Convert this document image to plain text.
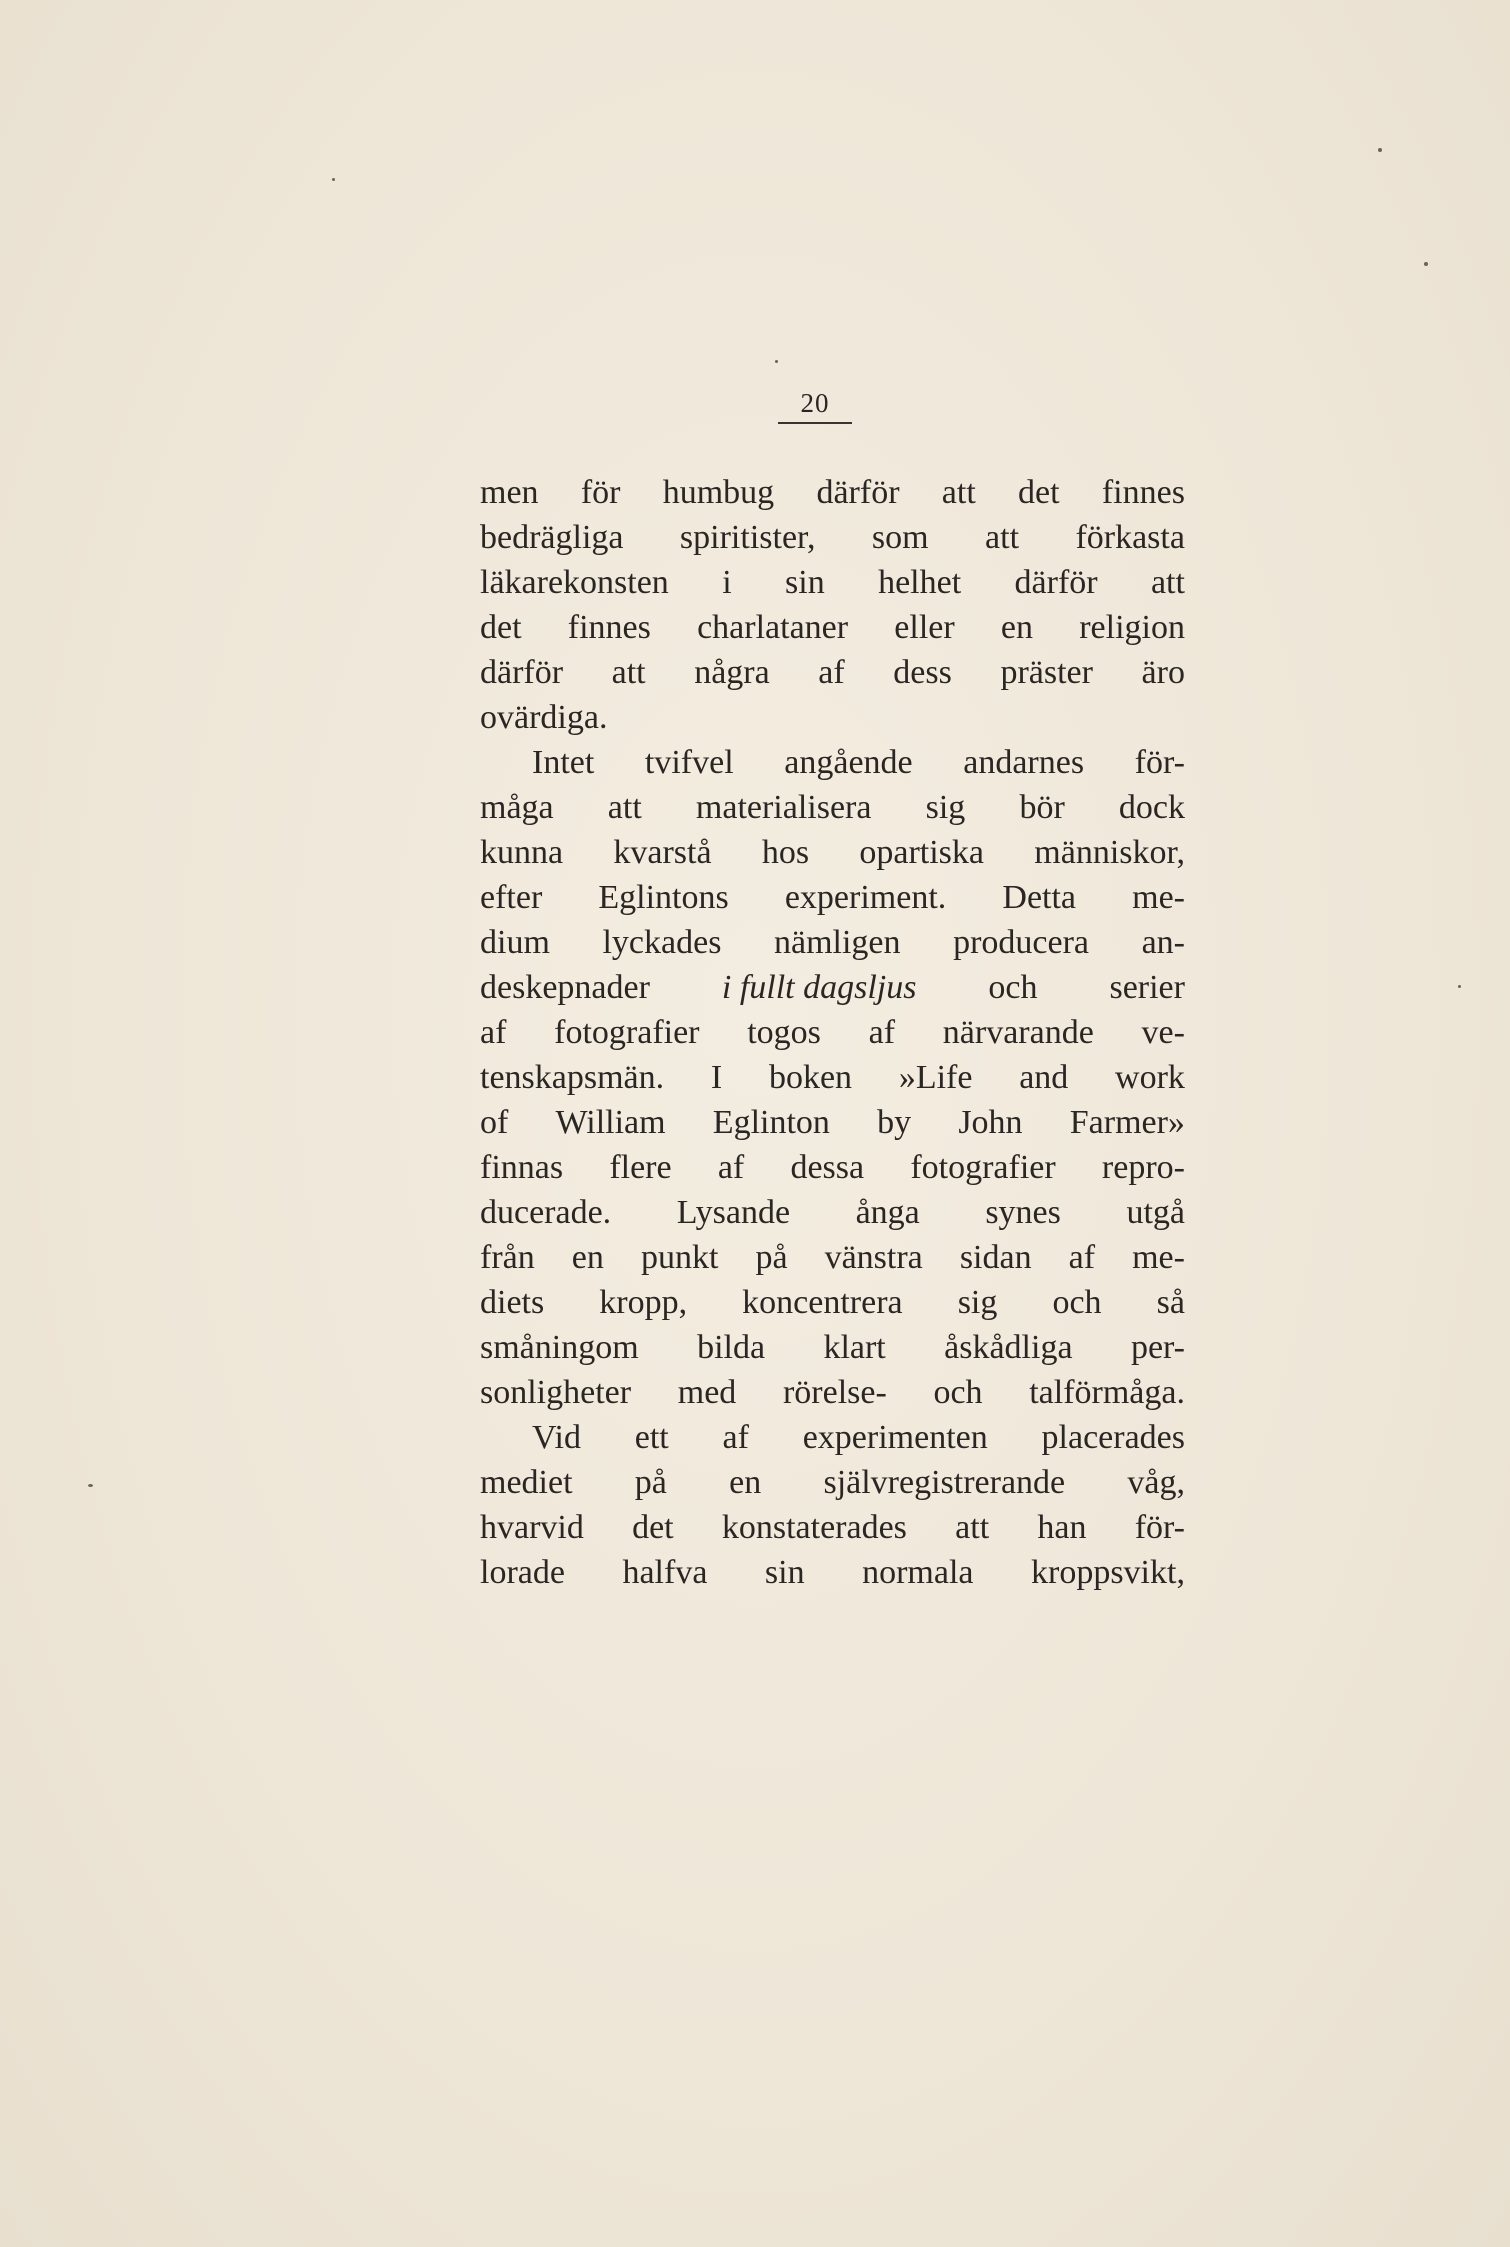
20
men för humbug därför att det finnes
bedrägliga spiritister, som att förkasta
läkarekonsten i sin helhet därför att
det finnes charlataner eller en religion
därför att några af dess präster äro
ovärdiga.
Intet tvifvel angående andarnes för-
måga att materialisera sig bör dock
kunna kvarstå hos opartiska människor,
efter Eglintons experiment. Detta me-
dium lyckades nämligen producera an-
deskepnader i fullt dagsljus och serier
af fotografier togos af närvarande ve-
tenskapsmän. I boken »Life and work
of William Eglinton by John Farmer»
finnas flere af dessa fotografier repro-
ducerade. Lysande ånga synes utgå
från en punkt på vänstra sidan af me-
diets kropp, koncentrera sig och så
småningom bilda klart åskådliga per-
sonligheter med rörelse- och talförmåga.
Vid ett af experimenten placerades
mediet på en självregistrerande våg,
hvarvid det konstaterades att han för-
lorade halfva sin normala kroppsvikt,
